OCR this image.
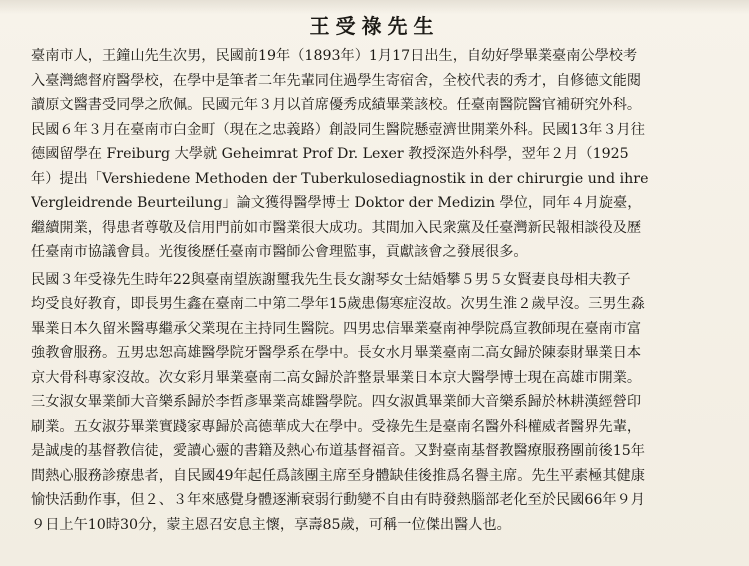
王受祿先生
臺南市人，王鐘山先生次男，民國前19年（1893年）1月17日出生，自幼好學畢業臺南公學校考
入臺灣總督府醫學校，在學中是筆者二年先輩同住過學生寄宿舍，全校代表的秀才，自修德文能閱
讀原文醫書受同學之欣佩。民國元年３月以首席優秀成績畢業該校。任臺南醫院醫官補研究外科。
民國６年３月在臺南市白金町（現在之忠義路）創設同生醫院懸壺濟世開業外科。民國13年３月往
德國留學在 Freiburg 大學就 Geheimrat Prof Dr. Lexer 教授深造外科學，翌年２月（1925
年）提出「Vershiedene Methoden der Tuberkulosediagnostik in der chirurgie und ihre
Vergleidrende Beurteilung」論文獲得醫學博士 Doktor der Medizin 學位，同年４月旋臺，
繼續開業，得患者尊敬及信用門前如市醫業很大成功。其間加入民衆黨及任臺灣新民報相談役及歷
任臺南市協議會員。光復後歷任臺南市醫師公會理監事，貢獻該會之發展很多。
民國３年受祿先生時年22與臺南望族謝璽我先生長女謝琴女士結婚攀５男５女賢妻良母相夫教子
均受良好教育，即長男生鑫在臺南二中第二學年15歲患傷寒症沒故。次男生淮２歲早沒。三男生淼
畢業日本久留米醫專繼承父業現在主持同生醫院。四男忠信畢業臺南神學院爲宣教師現在臺南市富
強教會服務。五男忠恕高雄醫學院牙醫學系在學中。長女水月畢業臺南二高女歸於陳泰財畢業日本
京大骨科專家沒故。次女彩月畢業臺南二高女歸於許整景畢業日本京大醫學博士現在高雄市開業。
三女淑女畢業師大音樂系歸於李哲彥畢業高雄醫學院。四女淑眞畢業師大音樂系歸於林耕漢經營印
刷業。五女淑芬畢業實踐家專歸於高德華成大在學中。受祿先生是臺南名醫外科權威者醫界先輩，
是誠虔的基督教信徒，愛讀心靈的書籍及熱心布道基督福音。又對臺南基督教醫療服務團前後15年
間熱心服務診療患者，自民國49年起任爲該團主席至身體缺佳後推爲名譽主席。先生平素極其健康
愉快活動作事，但２、３年來感覺身體逐漸衰弱行動變不自由有時發熱腦部老化至於民國66年９月
９日上午10時30分，蒙主恩召安息主懷，享壽85歲，可稱一位傑出醫人也。
